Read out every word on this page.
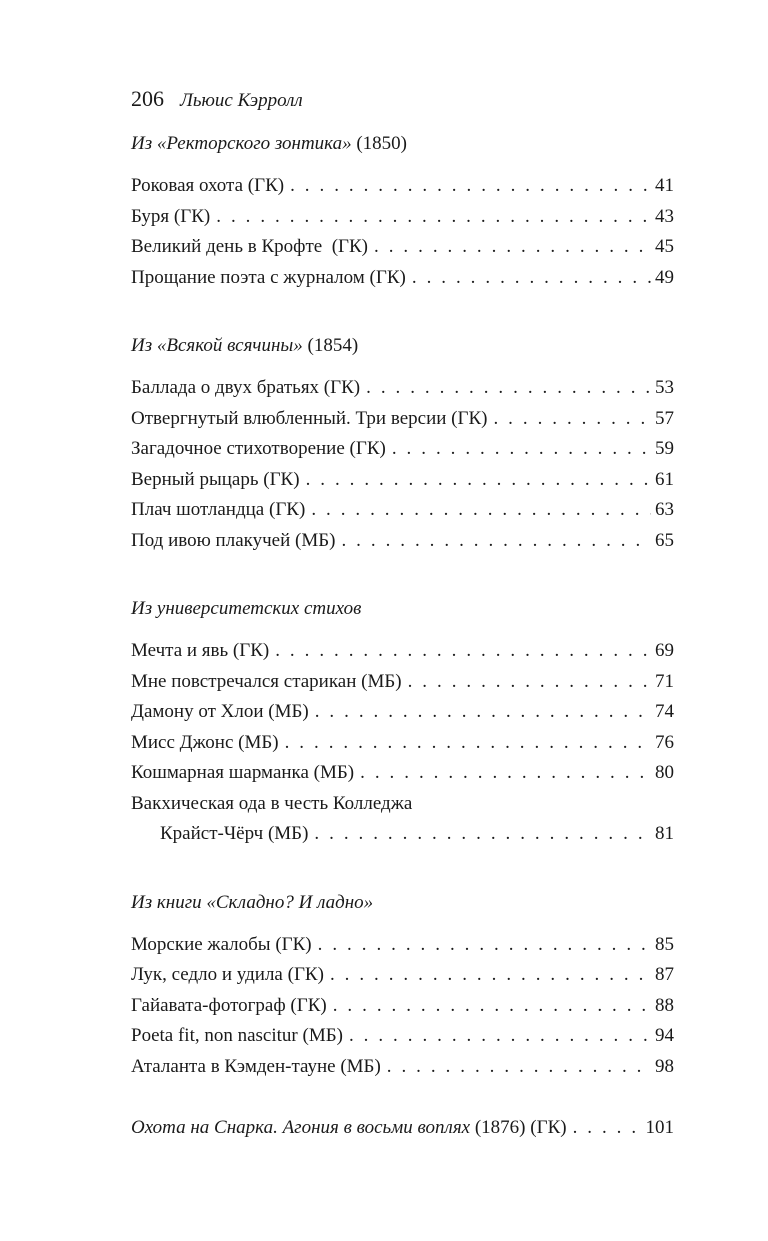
206 Льюис Кэрролл
Из «Ректорского зонтика» (1850)
Роковая охота (ГК) . . .	41
Буря (ГК) . . .	43
Великий день в Крофте  (ГК) . . .	45
Прощание поэта с журналом (ГК) . . .	49
Из «Всякой всячины» (1854)
Баллада о двух братьях (ГК) . . .	53
Отвергнутый влюбленный. Три версии (ГК) . . .	57
Загадочное стихотворение (ГК) . . .	59
Верный рыцарь (ГК) . . .	61
Плач шотландца (ГК) . . .	63
Под ивою плакучей (МБ) . . .	65
Из университетских стихов
Мечта и явь (ГК) . . .	69
Мне повстречался старикан (МБ) . . .	71
Дамону от Хлои (МБ) . . .	74
Мисс Джонс (МБ) . . .	76
Кошмарная шарманка (МБ) . . .	80
Вакхическая ода в честь Колледжа
Крайст-Чёрч (МБ) . . .	81
Из книги «Складно? И ладно»
Морские жалобы (ГК) . . .	85
Лук, седло и удила (ГК) . . .	87
Гайавата-фотограф (ГК) . . .	88
Poeta fit, non nascitur (МБ) . . .	94
Аталанта в Кэмден-тауне (МБ) . . .	98
Охота на Снарка. Агония в восьми воплях (1876) (ГК) . . .	101
